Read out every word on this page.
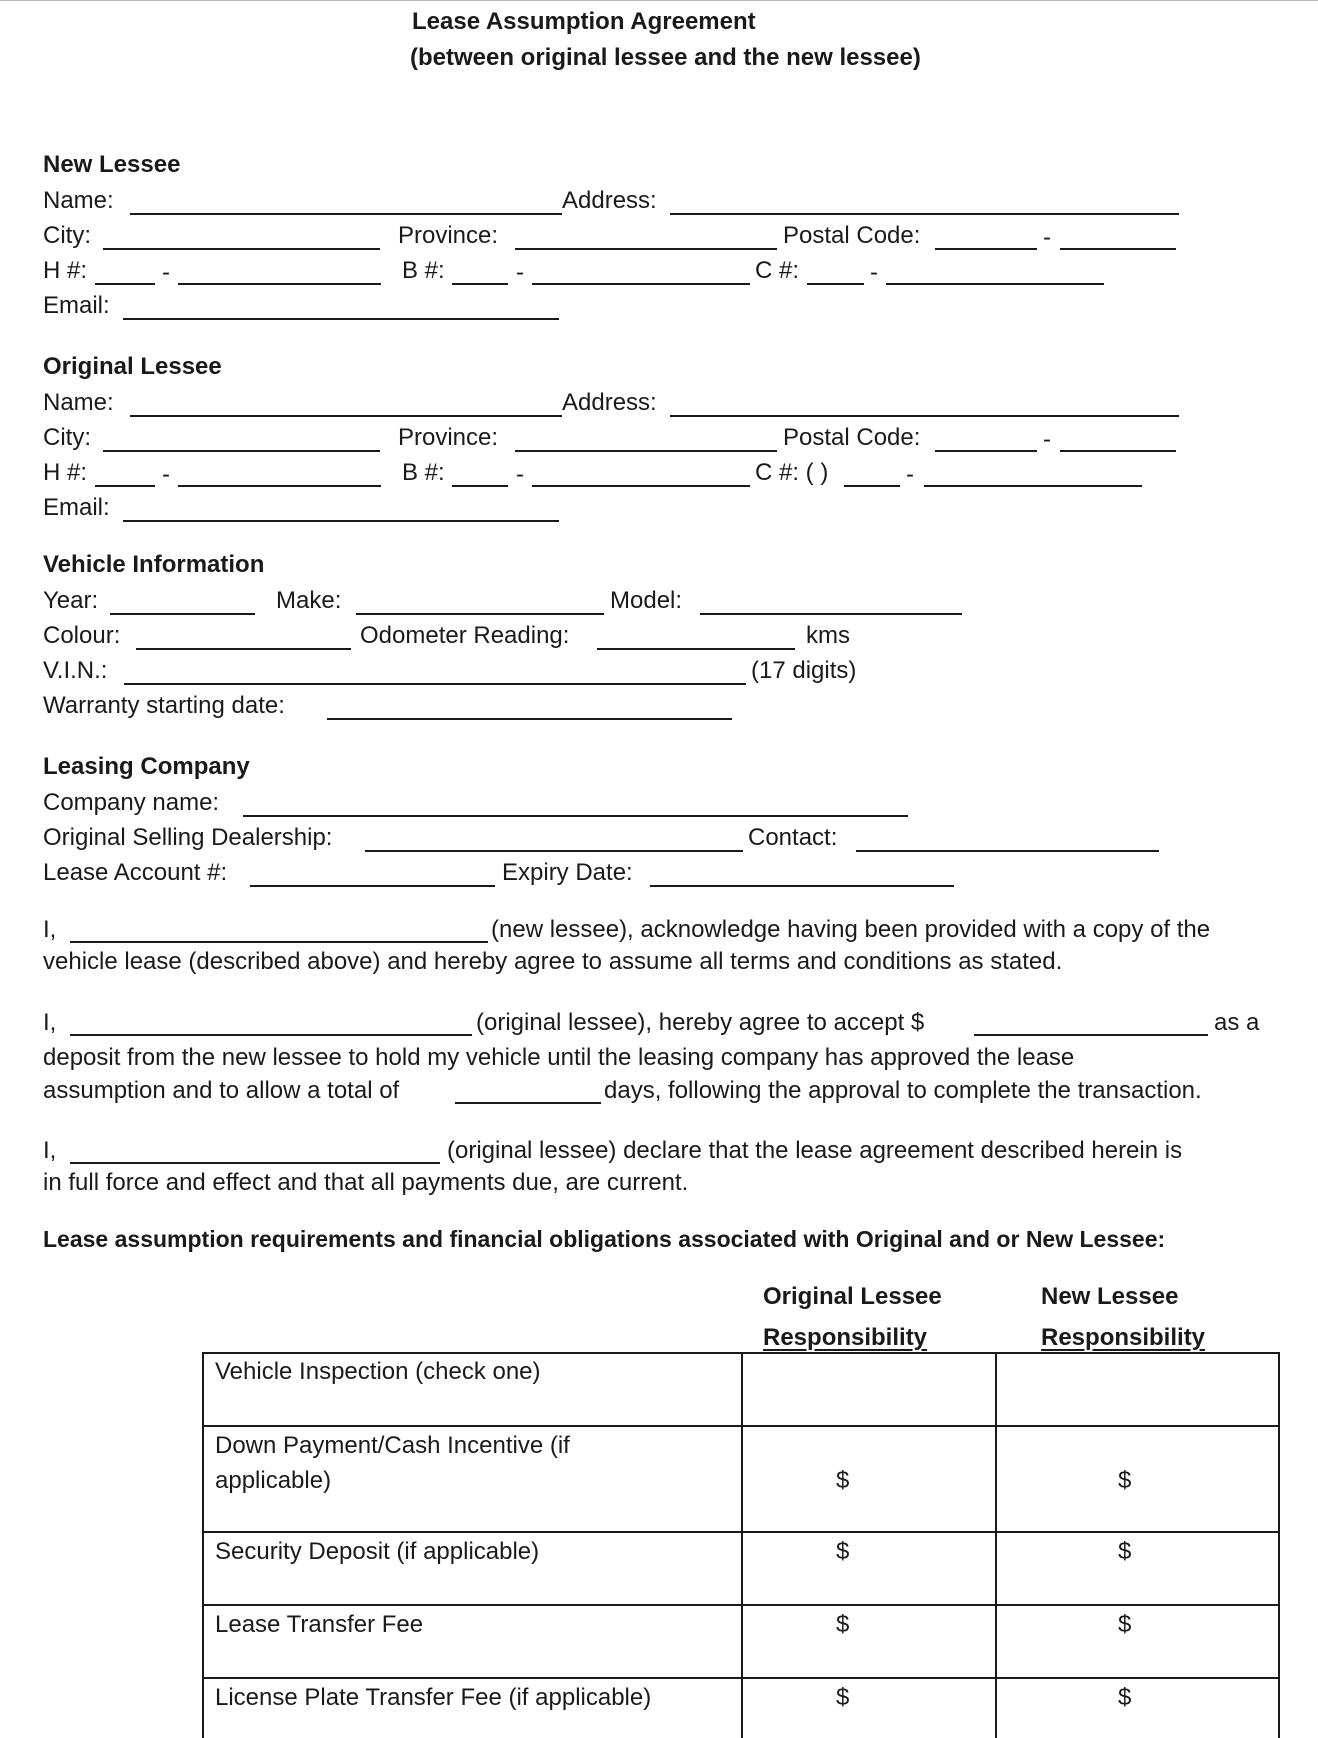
Lease Assumption Agreement
(between original lessee and the new lessee)
New Lessee
Name:	Address:
City:	Province:	Postal Code:	-
H #:	-	B #:	-	C #:	-
Email:
Original Lessee
Name:	Address:
City:	Province:	Postal Code:	-
H #:	-	B #:	-	C #: ( )	-
Email:
Vehicle Information
Year:	Make:	Model:
Colour:	Odometer Reading:	kms
V.I.N.:	(17 digits)
Warranty starting date:
Leasing Company
Company name:
Original Selling Dealership:	Contact:
Lease Account #:	Expiry Date:
I,	(new lessee), acknowledge having been provided with a copy of the
vehicle lease (described above) and hereby agree to assume all terms and conditions as stated.
I,	(original lessee), hereby agree to accept $	as a
deposit from the new lessee to hold my vehicle until the leasing company has approved the lease
assumption and to allow a total of	days, following the approval to complete the transaction.
I,	(original lessee) declare that the lease agreement described herein is
in full force and effect and that all payments due, are current.
Lease assumption requirements and financial obligations associated with Original and or New Lessee:
Original Lessee
Responsibility
New Lessee
Responsibility
Vehicle Inspection (check one)
Down Payment/Cash Incentive (if
applicable)	$	$
Security Deposit (if applicable)	$	$
Lease Transfer Fee	$	$
License Plate Transfer Fee (if applicable)	$	$
